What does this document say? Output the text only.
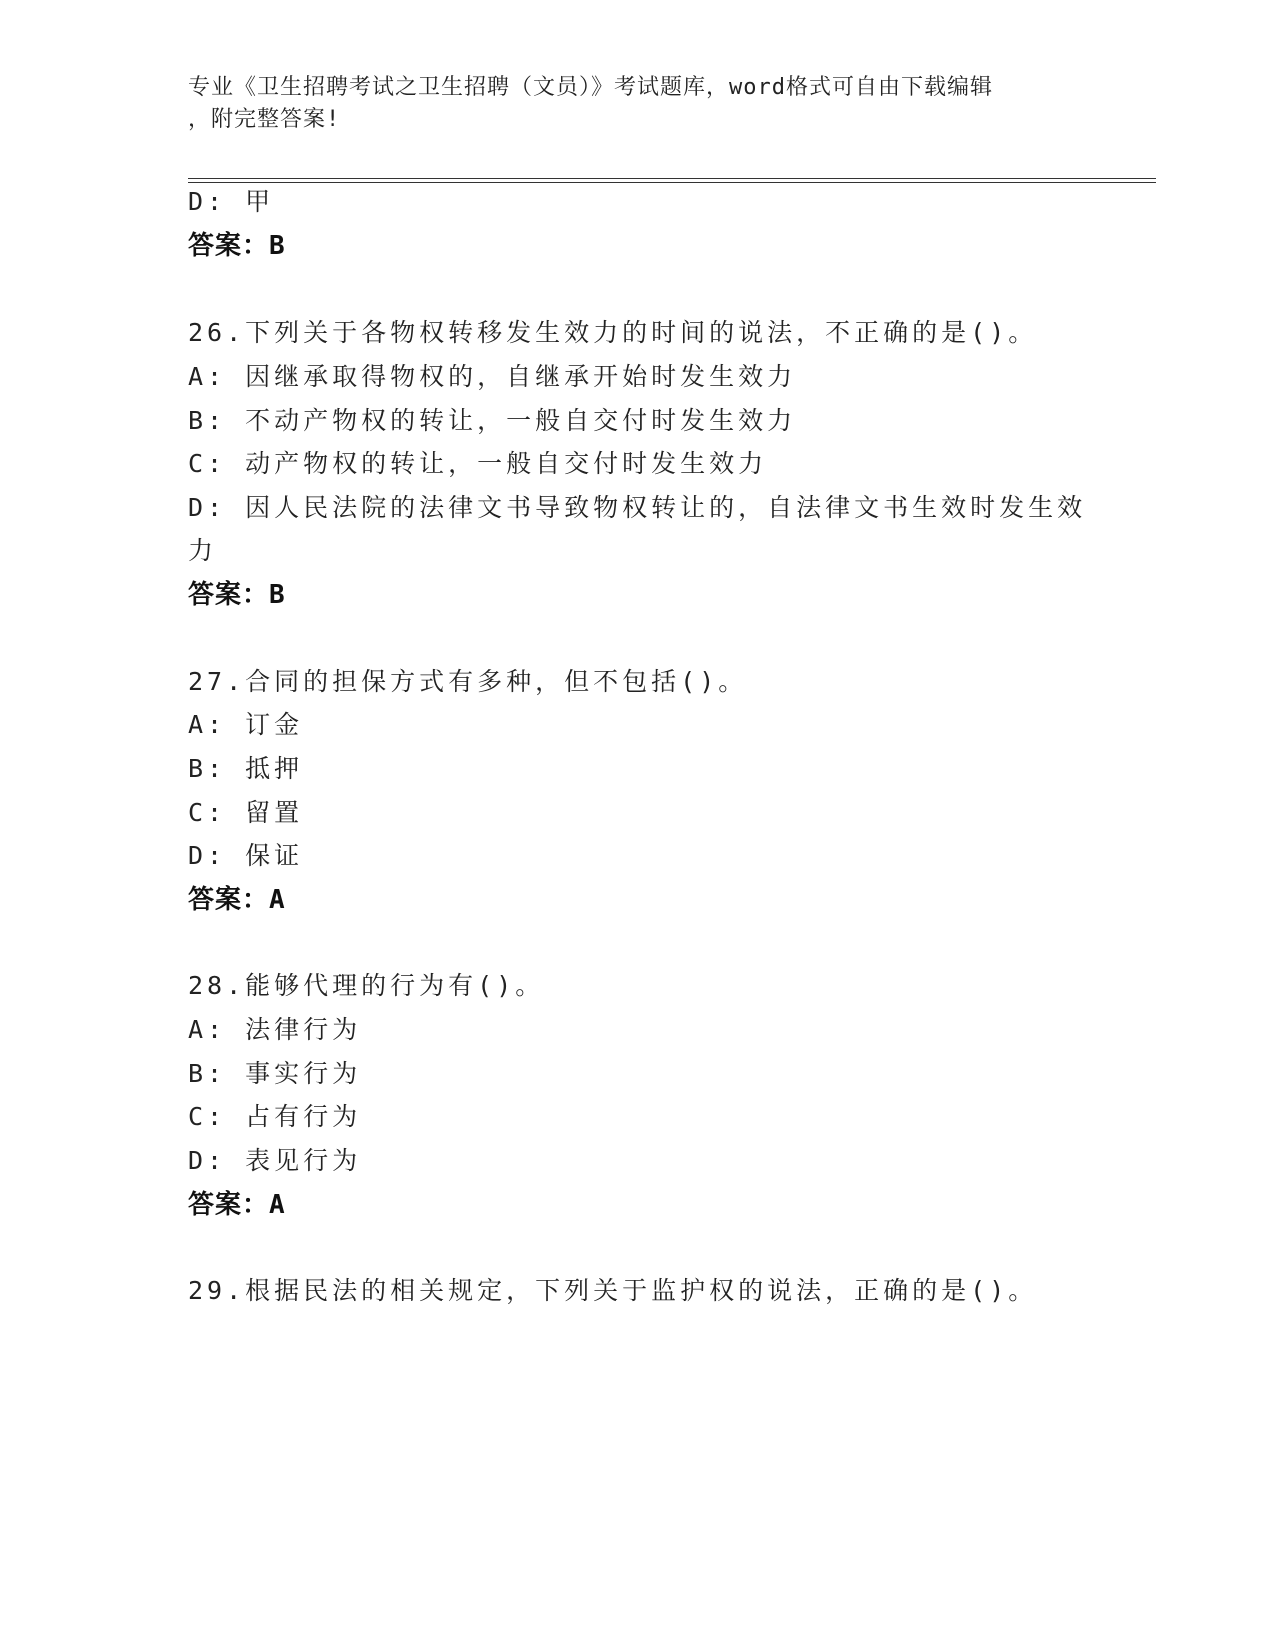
专业《卫生招聘考试之卫生招聘（文员）》考试题库，word格式可自由下载编辑
，附完整答案!
D: 甲
答案：B
26.下列关于各物权转移发生效力的时间的说法，不正确的是()。
A: 因继承取得物权的，自继承开始时发生效力
B: 不动产物权的转让，一般自交付时发生效力
C: 动产物权的转让，一般自交付时发生效力
D: 因人民法院的法律文书导致物权转让的，自法律文书生效时发生效
力
答案：B
27.合同的担保方式有多种，但不包括()。
A: 订金
B: 抵押
C: 留置
D: 保证
答案：A
28.能够代理的行为有()。
A: 法律行为
B: 事实行为
C: 占有行为
D: 表见行为
答案：A
29.根据民法的相关规定，下列关于监护权的说法，正确的是()。
